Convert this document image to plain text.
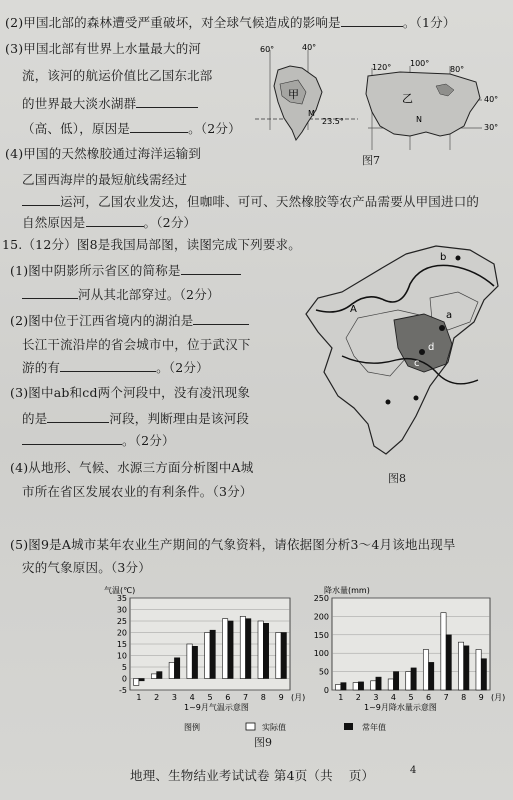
(2)甲国北部的森林遭受严重破坏，对全球气候造成的影响是	。（1分）
(3)甲国北部有世界上水量最大的河
流，该河的航运价值比乙国东北部
的世界最大淡水湖群
（高、低），原因是	。（2分）
(4)甲国的天然橡胶通过海洋运输到
乙国西海岸的最短航线需经过
运河，乙国农业发达，但咖啡、可可、天然橡胶等农产品需要从甲国进口的
自然原因是	。（2分）
甲
M
60°	40°
23.5°
乙
N
120° 100°
80°
40°
30°
图7
15.（12分）图8是我国局部图，读图完成下列要求。
(1)图中阴影所示省区的简称是
河从其北部穿过。（2分）
(2)图中位于江西省境内的湖泊是
长江干流沿岸的省会城市中，位于武汉下
游的有	。（2分）
(3)图中ab和cd两个河段中，没有凌汛现象
的是	河段，判断理由是该河段
。（2分）
(4)从地形、气候、水源三方面分析图中A城
市所在省区发展农业的有利条件。（3分）
b
a
c
d
A
图8
(5)图9是A城市某年农业生产期间的气象资料，请依据图分析3～4月该地出现旱
灾的气象原因。（3分）
气温(℃)	降水量(mm)
-5
0
5
10
15
20
25
30
35
1 2 3 4 5 6 7 8 9 (月)
0
50
100
150
200
250
1 2 3 4 5 6 7 8 9 (月)
1~9月气温示意图	1~9月降水量示意图
图例	实际值	常年值
图9
地理、生物结业考试试卷 第4页（共 页）	4
